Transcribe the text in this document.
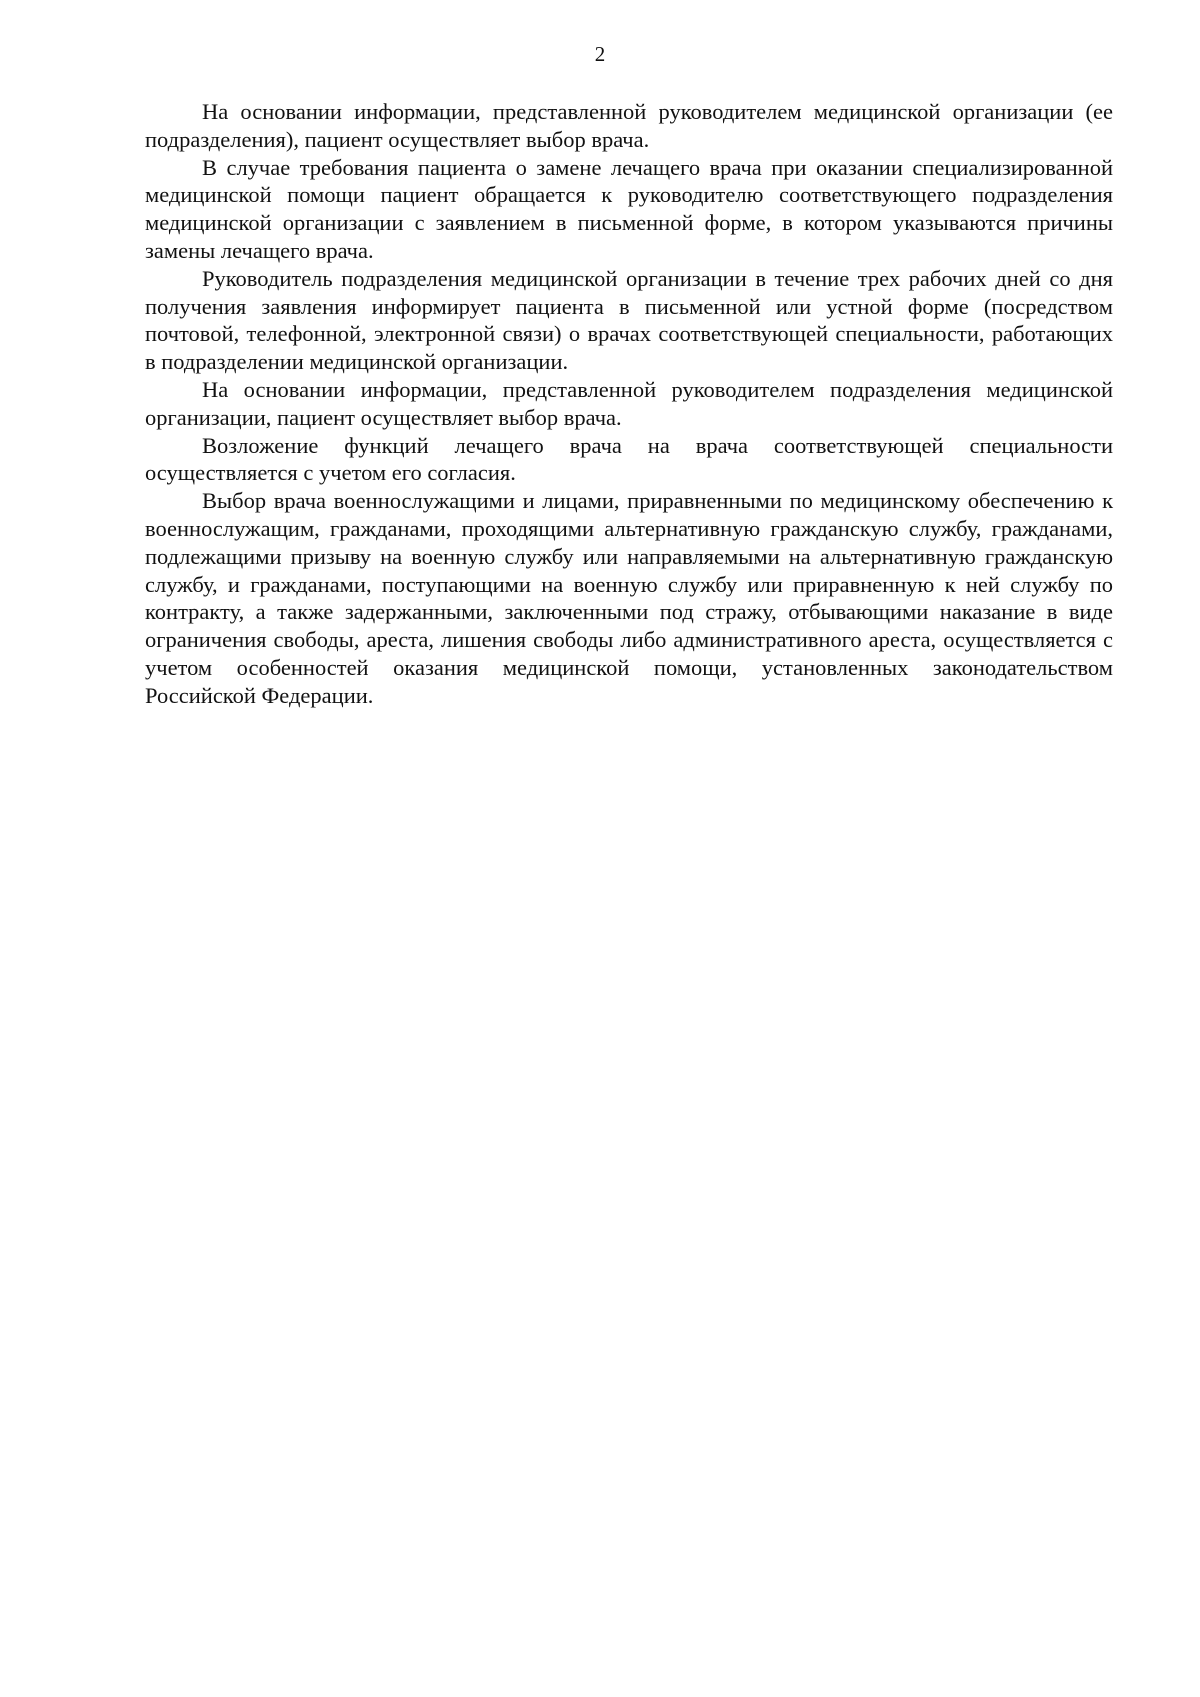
2

На основании информации, представленной руководителем медицинской организации (ее подразделения), пациент осуществляет выбор врача.

В случае требования пациента о замене лечащего врача при оказании специализированной медицинской помощи пациент обращается к руководителю соответствующего подразделения медицинской организации с заявлением в письменной форме, в котором указываются причины замены лечащего врача.

Руководитель подразделения медицинской организации в течение трех рабочих дней со дня получения заявления информирует пациента в письменной или устной форме (посредством почтовой, телефонной, электронной связи) о врачах соответствующей специальности, работающих в подразделении медицинской организации.

На основании информации, представленной руководителем подразделения медицинской организации, пациент осуществляет выбор врача.

Возложение функций лечащего врача на врача соответствующей специальности осуществляется с учетом его согласия.

Выбор врача военнослужащими и лицами, приравненными по медицинскому обеспечению к военнослужащим, гражданами, проходящими альтернативную гражданскую службу, гражданами, подлежащими призыву на военную службу или направляемыми на альтернативную гражданскую службу, и гражданами, поступающими на военную службу или приравненную к ней службу по контракту, а также задержанными, заключенными под стражу, отбывающими наказание в виде ограничения свободы, ареста, лишения свободы либо административного ареста, осуществляется с учетом особенностей оказания медицинской помощи, установленных законодательством Российской Федерации.
